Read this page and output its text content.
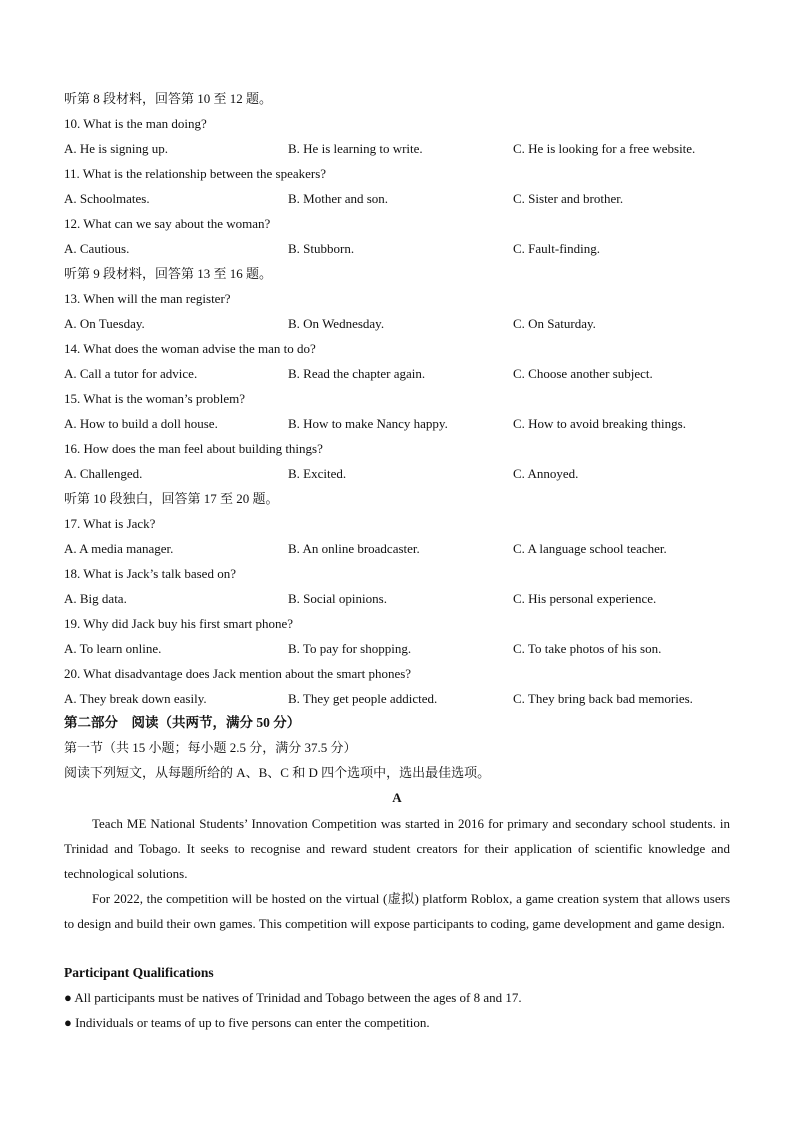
听第 8 段材料，回答第 10 至 12 题。
10. What is the man doing?
A. He is signing up.	B. He is learning to write.	C. He is looking for a free website.
11. What is the relationship between the speakers?
A. Schoolmates.	B. Mother and son.	C. Sister and brother.
12. What can we say about the woman?
A. Cautious.	B. Stubborn.	C. Fault-finding.
听第 9 段材料，回答第 13 至 16 题。
13. When will the man register?
A. On Tuesday.	B. On Wednesday.	C. On Saturday.
14. What does the woman advise the man to do?
A. Call a tutor for advice.	B. Read the chapter again.	C. Choose another subject.
15. What is the woman’s problem?
A. How to build a doll house.	B. How to make Nancy happy.	C. How to avoid breaking things.
16. How does the man feel about building things?
A. Challenged.	B. Excited.	C. Annoyed.
听第 10 段独白，回答第 17 至 20 题。
17. What is Jack?
A. A media manager.	B. An online broadcaster.	C. A language school teacher.
18. What is Jack’s talk based on?
A. Big data.	B. Social opinions.	C. His personal experience.
19. Why did Jack buy his first smart phone?
A. To learn online.	B. To pay for shopping.	C. To take photos of his son.
20. What disadvantage does Jack mention about the smart phones?
A. They break down easily.	B. They get people addicted.	C. They bring back bad memories.
第二部分　阅读（共两节，满分 50 分）
第一节（共 15 小题；每小题 2.5 分，满分 37.5 分）
阅读下列短文，从每题所给的 A、B、C 和 D 四个选项中，选出最佳选项。
A
Teach ME National Students’ Innovation Competition was started in 2016 for primary and secondary school students. in Trinidad and Tobago. It seeks to recognise and reward student creators for their application of scientific knowledge and technological solutions.
For 2022, the competition will be hosted on the virtual (虚拟) platform Roblox, a game creation system that allows users to design and build their own games. This competition will expose participants to coding, game development and game design.
Participant Qualifications
● All participants must be natives of Trinidad and Tobago between the ages of 8 and 17.
● Individuals or teams of up to five persons can enter the competition.
